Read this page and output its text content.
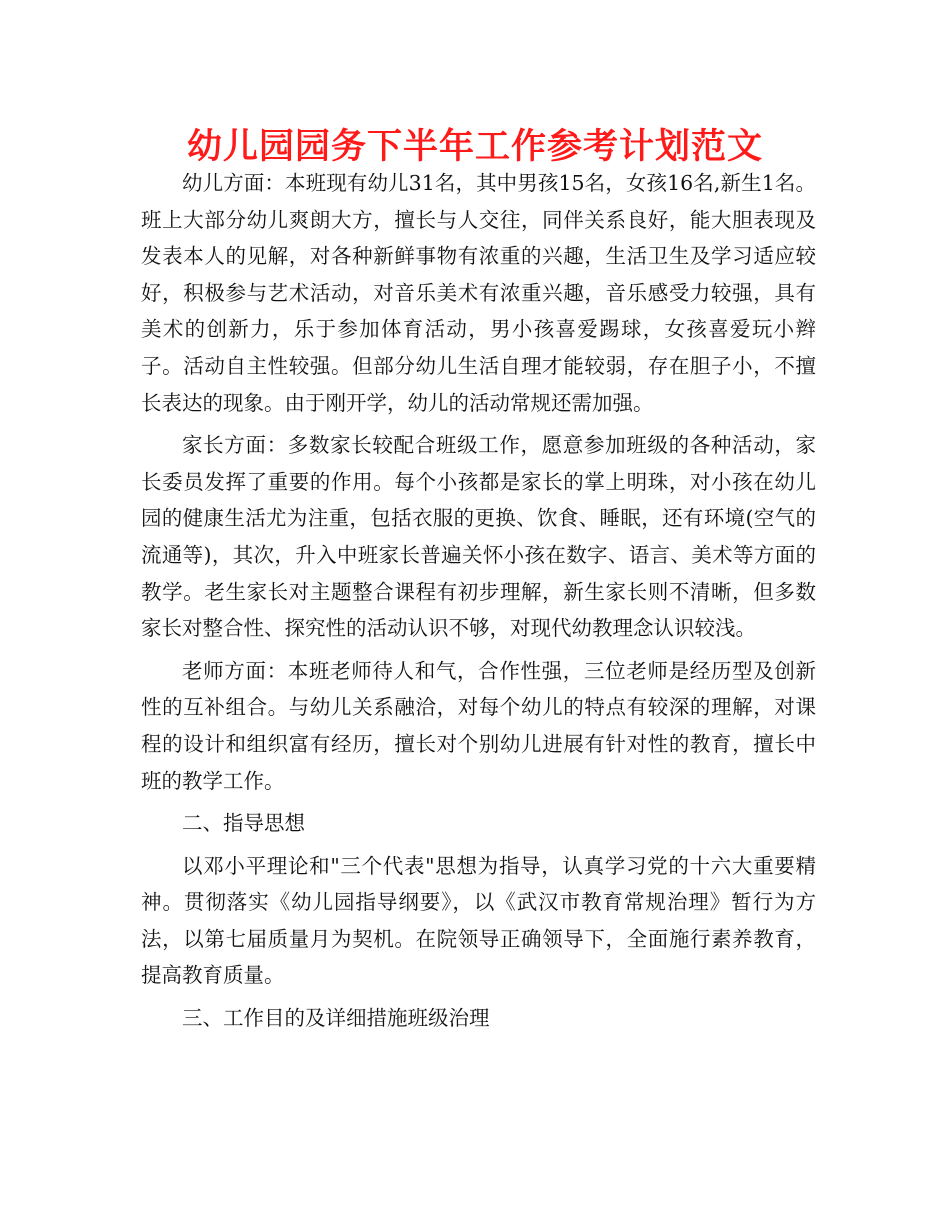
幼儿园园务下半年工作参考计划范文

幼儿方面：本班现有幼儿31名，其中男孩15名，女孩16名,新生1名。班上大部分幼儿爽朗大方，擅长与人交往，同伴关系良好，能大胆表现及发表本人的见解，对各种新鲜事物有浓重的兴趣，生活卫生及学习适应较好，积极参与艺术活动，对音乐美术有浓重兴趣，音乐感受力较强，具有美术的创新力，乐于参加体育活动，男小孩喜爱踢球，女孩喜爱玩小辫子。活动自主性较强。但部分幼儿生活自理才能较弱，存在胆子小，不擅长表达的现象。由于刚开学，幼儿的活动常规还需加强。

家长方面：多数家长较配合班级工作，愿意参加班级的各种活动，家长委员发挥了重要的作用。每个小孩都是家长的掌上明珠，对小孩在幼儿园的健康生活尤为注重，包括衣服的更换、饮食、睡眠，还有环境(空气的流通等)，其次，升入中班家长普遍关怀小孩在数字、语言、美术等方面的教学。老生家长对主题整合课程有初步理解，新生家长则不清晰，但多数家长对整合性、探究性的活动认识不够，对现代幼教理念认识较浅。

老师方面：本班老师待人和气，合作性强，三位老师是经历型及创新性的互补组合。与幼儿关系融洽，对每个幼儿的特点有较深的理解，对课程的设计和组织富有经历，擅长对个别幼儿进展有针对性的教育，擅长中班的教学工作。

二、指导思想

以邓小平理论和"三个代表"思想为指导，认真学习党的十六大重要精神。贯彻落实《幼儿园指导纲要》，以《武汉市教育常规治理》暂行为方法，以第七届质量月为契机。在院领导正确领导下，全面施行素养教育，提高教育质量。

三、工作目的及详细措施班级治理
